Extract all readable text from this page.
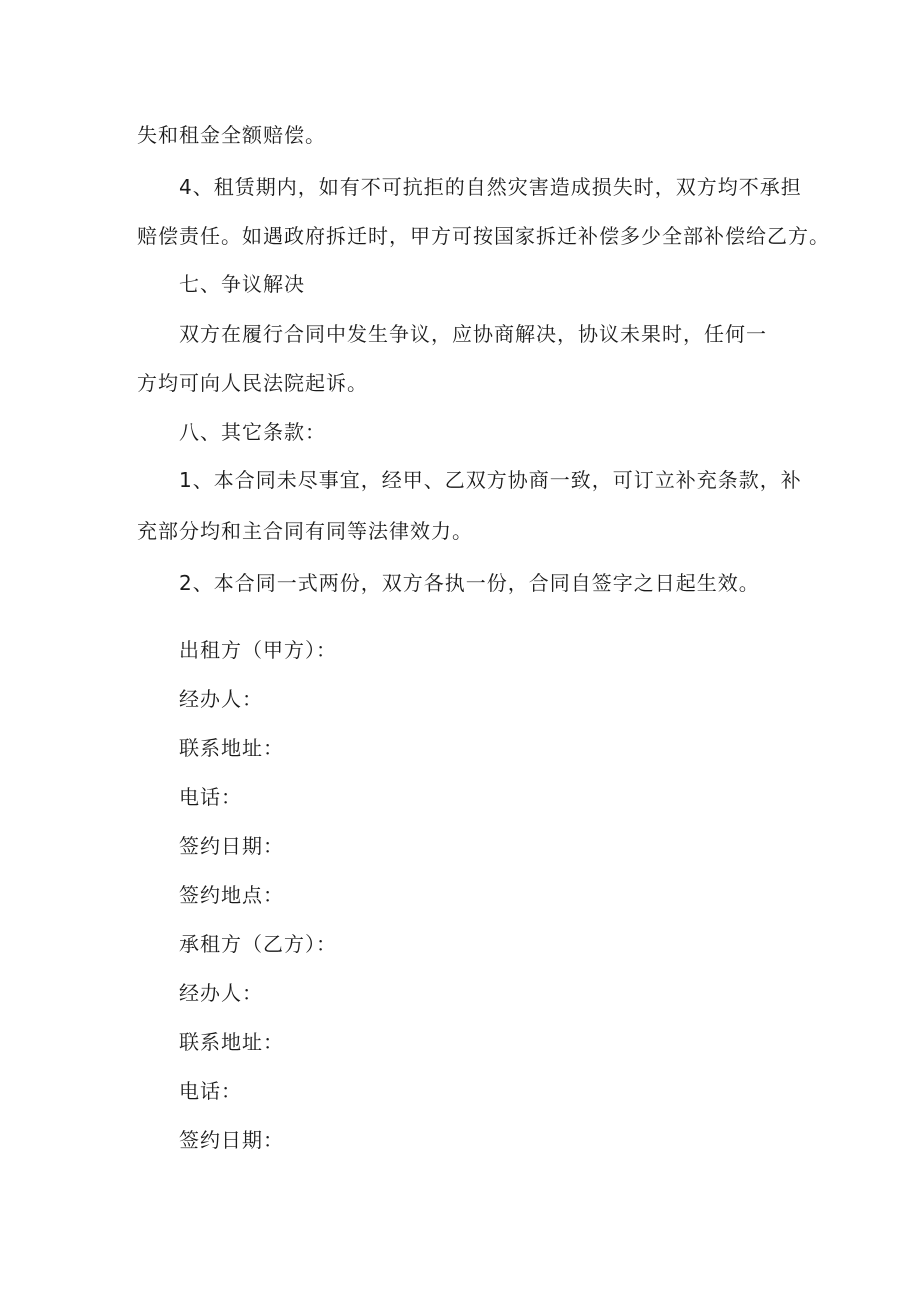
失和租金全额赔偿。
4、租赁期内，如有不可抗拒的自然灾害造成损失时，双方均不承担
赔偿责任。如遇政府拆迁时，甲方可按国家拆迁补偿多少全部补偿给乙方。
七、争议解决
双方在履行合同中发生争议，应协商解决，协议未果时，任何一
方均可向人民法院起诉。
八、其它条款：
1、本合同未尽事宜，经甲、乙双方协商一致，可订立补充条款，补
充部分均和主合同有同等法律效力。
2、本合同一式两份，双方各执一份，合同自签字之日起生效。
出租方（甲方）：
经办人：
联系地址：
电话：
签约日期：
签约地点：
承租方（乙方）：
经办人：
联系地址：
电话：
签约日期：
